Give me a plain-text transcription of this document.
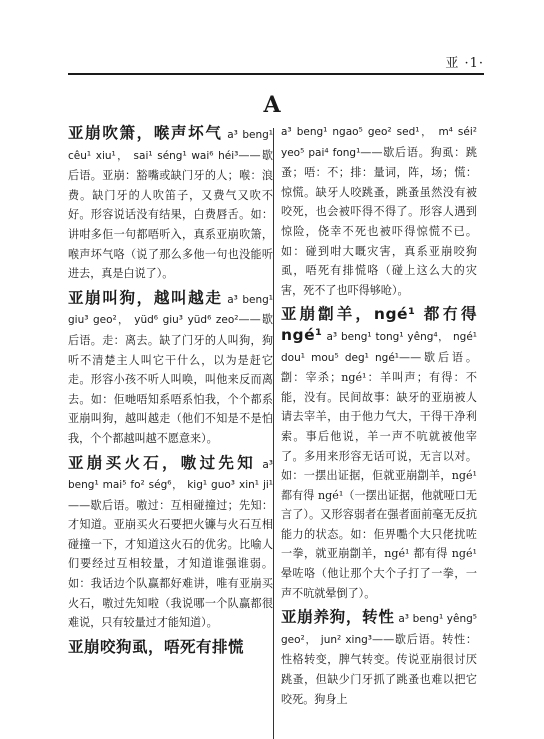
亚 ·1·
A

亚崩吹箫，喉声坏气 a³ beng¹ cêu¹ xiu¹， sai¹ séng¹ wai⁶ héi³——歇后语。亚崩：豁嘴或缺门牙的人；喉：浪费。缺门牙的人吹笛子，又费气又吹不好。形容说话没有结果，白费唇舌。如：讲咁多佢一句都唔听入，真系亚崩吹箫，喉声坏气咯（说了那么多他一句也没能听进去，真是白说了）。

亚崩叫狗，越叫越走 a³ beng¹ giu³ geo²， yüd⁶ giu³ yüd⁶ zeo²——歇后语。走：离去。缺了门牙的人叫狗，狗听不清楚主人叫它干什么，以为是赶它走。形容小孩不听人叫唤，叫他来反而离去。如：佢哋唔知系唔系怕我，个个都系亚崩叫狗，越叫越走（他们不知是不是怕我，个个都越叫越不愿意来）。

亚崩买火石，嗷过先知 a³ beng¹ mai⁵ fo² ség⁶， kig¹ guo³ xin¹ ji¹——歇后语。嗷过：互相碰撞过；先知：才知道。亚崩买火石要把火镰与火石互相碰撞一下，才知道这火石的优劣。比喻人们要经过互相较量，才知道谁强谁弱。如：我话边个队赢都好难讲，唯有亚崩买火石，嗷过先知啦（我说哪一个队赢都很难说，只有较量过才能知道）。

亚崩咬狗虱，唔死有排慌

a³ beng¹ ngao⁵ geo² sed¹， m⁴ séi² yeo⁵ pai⁴ fong¹——歇后语。狗虱：跳蚤；唔：不；排：量词，阵，场；慌：惊慌。缺牙人咬跳蚤，跳蚤虽然没有被咬死，也会被吓得不得了。形容人遇到惊险，侥幸不死也被吓得惊慌不已。如：碰到咁大嘅灾害，真系亚崩咬狗虱，唔死有排慌咯（碰上这么大的灾害，死不了也吓得够呛）。

亚崩劏羊，ngé¹ 都冇得 ngé¹ a³ beng¹ tong¹ yêng⁴， ngé¹ dou¹ mou⁵ deg¹ ngé¹——歇后语。劏：宰杀；ngé¹：羊叫声；有得：不能，没有。民间故事：缺牙的亚崩被人请去宰羊，由于他力气大，干得干净利索。事后他说，羊一声不吭就被他宰了。多用来形容无话可说，无言以对。如：一摆出证据，佢就亚崩劏羊，ngé¹ 都有得 ngé¹（一摆出证据，他就哑口无言了）。又形容弱者在强者面前毫无反抗能力的状态。如：佢畀嚸个大只佬扰咗一拳，就亚崩劏羊，ngé¹ 都有得 ngé¹晕咗咯（他让那个大个子打了一拳，一声不吭就晕倒了）。

亚崩养狗，转性 a³ beng¹ yêng⁵ geo²， jun² xing³——歇后语。转性：性格转变，脾气转变。传说亚崩很讨厌跳蚤，但缺少门牙抓了跳蚤也难以把它咬死。狗身上
